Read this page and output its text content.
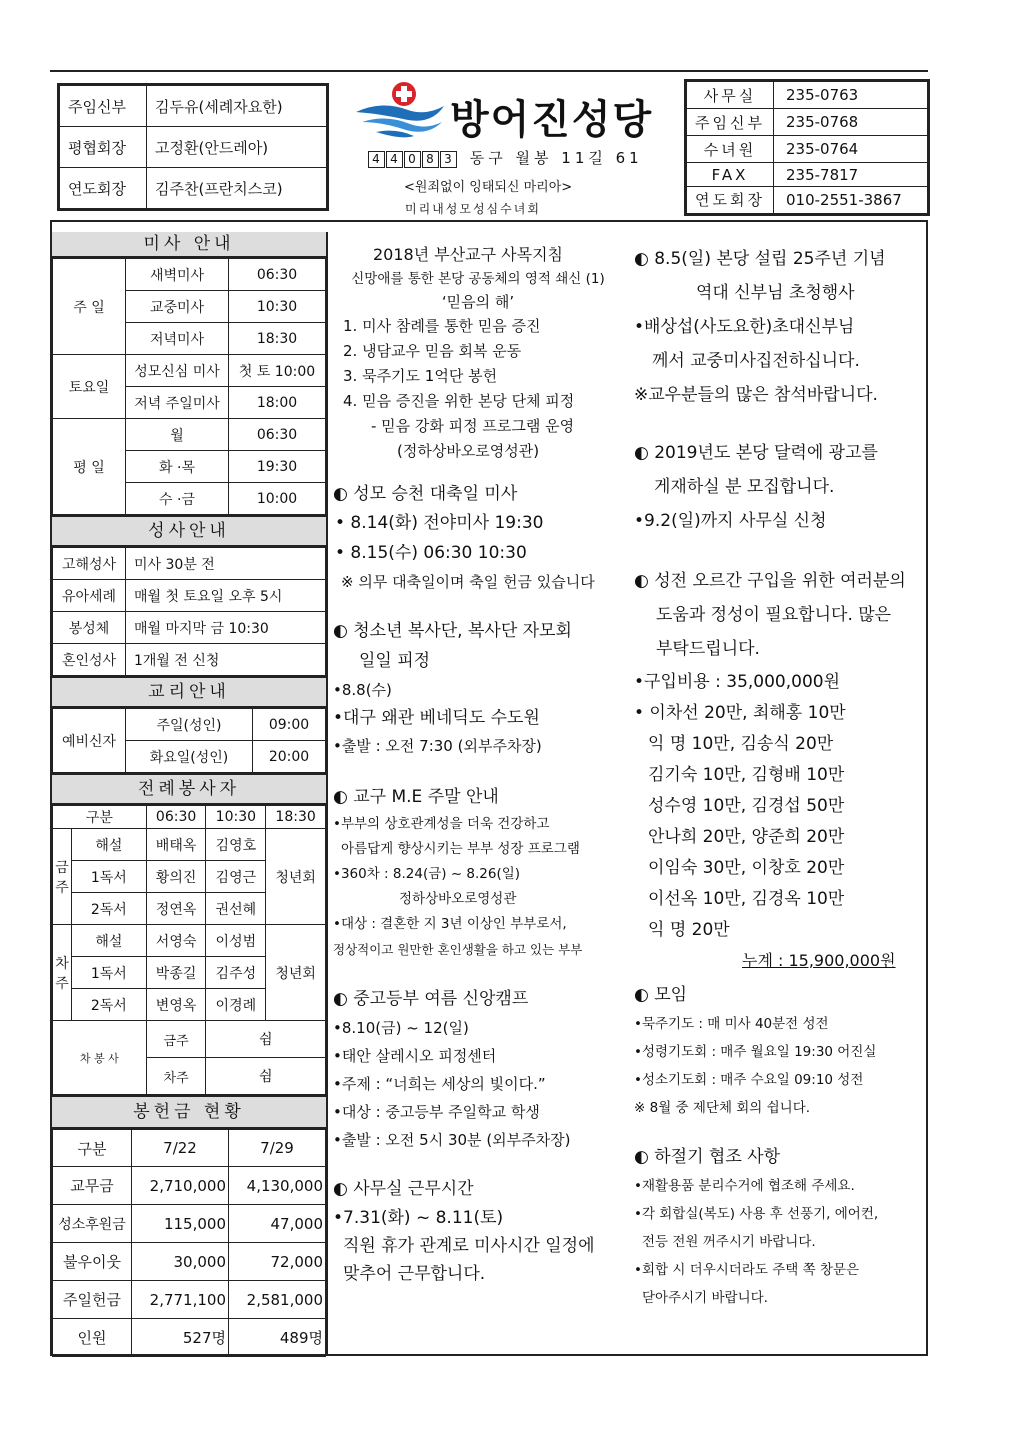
주임신부	김두유(세례자요한)
평협회장	고정환(안드레아)
연도회장	김주찬(프란치스코)
방어진성당
4 4 0 8 3 동구 월봉 11길 61
<원죄없이 잉태되신 마리아>
미리내성모성심수녀회
사무실	235-0763
주임신부	235-0768
수녀원	235-0764
FAX	235-7817
연도회장	010-2551-3867
미사 안내
주 일	새벽미사	06:30
	교중미사	10:30
	저녁미사	18:30
토요일	성모신심 미사	첫 토 10:00
	저녁 주일미사	18:00
평 일	월	06:30
	화 ·목	19:30
	수 ·금	10:00
성사안내
고해성사	미사 30분 전
유아세례	매월 첫 토요일 오후 5시
봉성체	매월 마지막 금 10:30
혼인성사	1개월 전 신청
교리안내
예비신자	주일(성인)	09:00
	화요일(성인)	20:00
전례봉사자
구분		06:30	10:30	18:30
금주	해설	배태옥	김영호	청년회
	1독서	황의진	김영근	
	2독서	정연옥	권선혜	
차주	해설	서영숙	이성범	청년회
	1독서	박종길	김주성	
	2독서	변영옥	이경례	
차 봉 사		금주	쉼	
		차주	쉼	
봉헌금 현황
구분	7/22	7/29
교무금	2,710,000	4,130,000
성소후원금	115,000	47,000
불우이웃	30,000	72,000
주일헌금	2,771,100	2,581,000
인원	527명	489명
2018년 부산교구 사목지침
신망애를 통한 본당 공동체의 영적 쇄신 (1)
‘믿음의 해’
1. 미사 참례를 통한 믿음 증진
2. 냉담교우 믿음 회복 운동
3. 묵주기도 1억단 봉헌
4. 믿음 증진을 위한 본당 단체 피정
- 믿음 강화 피정 프로그램 운영
(정하상바오로영성관)
◐ 성모 승천 대축일 미사
• 8.14(화) 전야미사 19:30
• 8.15(수) 06:30 10:30
※ 의무 대축일이며 축일 헌금 있습니다
◐ 청소년 복사단, 복사단 자모회
일일 피정
•8.8(수)
•대구 왜관 베네딕도 수도원
•출발 : 오전 7:30 (외부주차장)
◐ 교구 M.E 주말 안내
•부부의 상호관계성을 더욱 건강하고
아름답게 향상시키는 부부 성장 프로그램
•360차 : 8.24(금) ~ 8.26(일)
정하상바오로영성관
•대상 : 결혼한 지 3년 이상인 부부로서,
정상적이고 원만한 혼인생활을 하고 있는 부부
◐ 중고등부 여름 신앙캠프
•8.10(금) ~ 12(일)
•태안 살레시오 피정센터
•주제 : “너희는 세상의 빛이다.”
•대상 : 중고등부 주일학교 학생
•출발 : 오전 5시 30분 (외부주차장)
◐ 사무실 근무시간
•7.31(화) ~ 8.11(토)
직원 휴가 관계로 미사시간 일정에
맞추어 근무합니다.
◐ 8.5(일) 본당 설립 25주년 기념
역대 신부님 초청행사
•배상섭(사도요한)초대신부님
께서 교중미사집전하십니다.
※교우분들의 많은 참석바랍니다.
◐ 2019년도 본당 달력에 광고를
게재하실 분 모집합니다.
•9.2(일)까지 사무실 신청
◐ 성전 오르간 구입을 위한 여러분의
도움과 정성이 필요합니다. 많은
부탁드립니다.
•구입비용 : 35,000,000원
• 이차선 20만, 최해홍 10만
익 명 10만, 김송식 20만
김기숙 10만, 김형배 10만
성수영 10만, 김경섭 50만
안나희 20만, 양준희 20만
이임숙 30만, 이창호 20만
이선옥 10만, 김경옥 10만
익 명 20만
누계 : 15,900,000원
◐ 모임
•묵주기도 : 매 미사 40분전 성전
•성령기도회 : 매주 월요일 19:30 어진실
•성소기도회 : 매주 수요일 09:10 성전
※ 8월 중 제단체 회의 쉽니다.
◐ 하절기 협조 사항
•재활용품 분리수거에 협조해 주세요.
•각 회합실(복도) 사용 후 선풍기, 에어컨,
전등 전원 꺼주시기 바랍니다.
•회합 시 더우시더라도 주택 쪽 창문은
닫아주시기 바랍니다.
